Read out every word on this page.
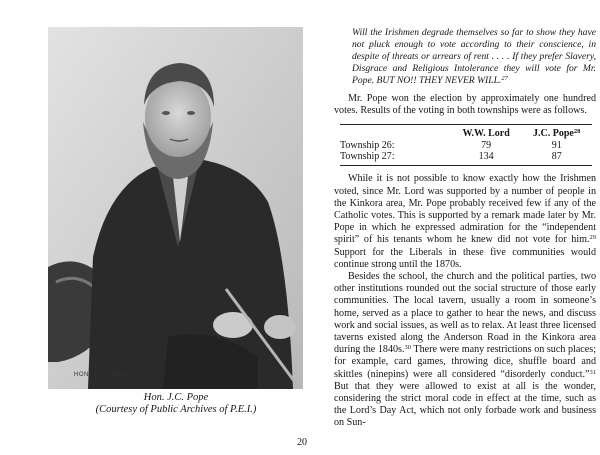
HON. J.C. POPE
Hon. J.C. Pope
(Courtesy of Public Archives of P.E.I.)

Will the Irishmen degrade themselves so far to show they have not pluck enough to vote according to their conscience, in despite of threats or arrears of rent . . . . If they prefer Slavery, Disgrace and Religious Intolerance they will vote for Mr. Pope. BUT NO!! THEY NEVER WILL.$^{27}$

Mr. Pope won the election by approximately one hundred votes. Results of the voting in both townships were as follows.

	W.W. Lord	J.C. Pope$^{28}$
Township 26:	79	91
Township 27:	134	87

While it is not possible to know exactly how the Irishmen voted, since Mr. Lord was supported by a number of people in the Kinkora area, Mr. Pope probably received few if any of the Catholic votes. This is supported by a remark made later by Mr. Pope in which he expressed admiration for the “independent spirit” of his tenants whom he knew did not vote for him.$^{29}$ Support for the Liberals in these five communities would continue strong until the 1870s.

Besides the school, the church and the political parties, two other institutions rounded out the social structure of those early communities. The local tavern, usually a room in someone’s home, served as a place to gather to hear the news, and discuss work and social issues, as well as to relax. At least three licensed taverns existed along the Anderson Road in the Kinkora area during the 1840s.$^{30}$ There were many restrictions on such places; for example, card games, throwing dice, shuffle board and skittles (ninepins) were all considered “disorderly conduct.”$^{31}$ But that they were allowed to exist at all is the wonder, considering the strict moral code in effect at the time, such as the Lord’s Day Act, which not only forbade work and business on Sun-

20
